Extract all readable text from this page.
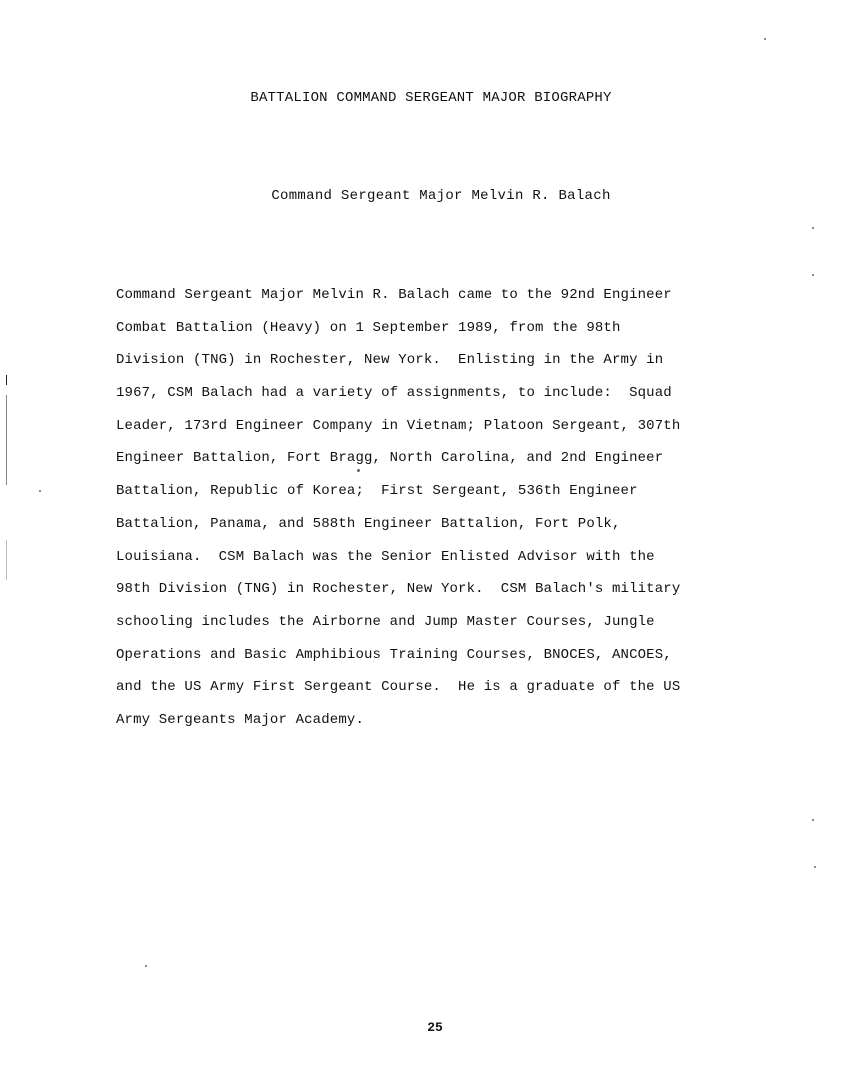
BATTALION COMMAND SERGEANT MAJOR BIOGRAPHY
Command Sergeant Major Melvin R. Balach
Command Sergeant Major Melvin R. Balach came to the 92nd Engineer
Combat Battalion (Heavy) on 1 September 1989, from the 98th
Division (TNG) in Rochester, New York.  Enlisting in the Army in
1967, CSM Balach had a variety of assignments, to include:  Squad
Leader, 173rd Engineer Company in Vietnam; Platoon Sergeant, 307th
Engineer Battalion, Fort Bragg, North Carolina, and 2nd Engineer
Battalion, Republic of Korea;  First Sergeant, 536th Engineer
Battalion, Panama, and 588th Engineer Battalion, Fort Polk,
Louisiana.  CSM Balach was the Senior Enlisted Advisor with the
98th Division (TNG) in Rochester, New York.  CSM Balach's military
schooling includes the Airborne and Jump Master Courses, Jungle
Operations and Basic Amphibious Training Courses, BNOCES, ANCOES,
and the US Army First Sergeant Course.  He is a graduate of the US
Army Sergeants Major Academy.
25
